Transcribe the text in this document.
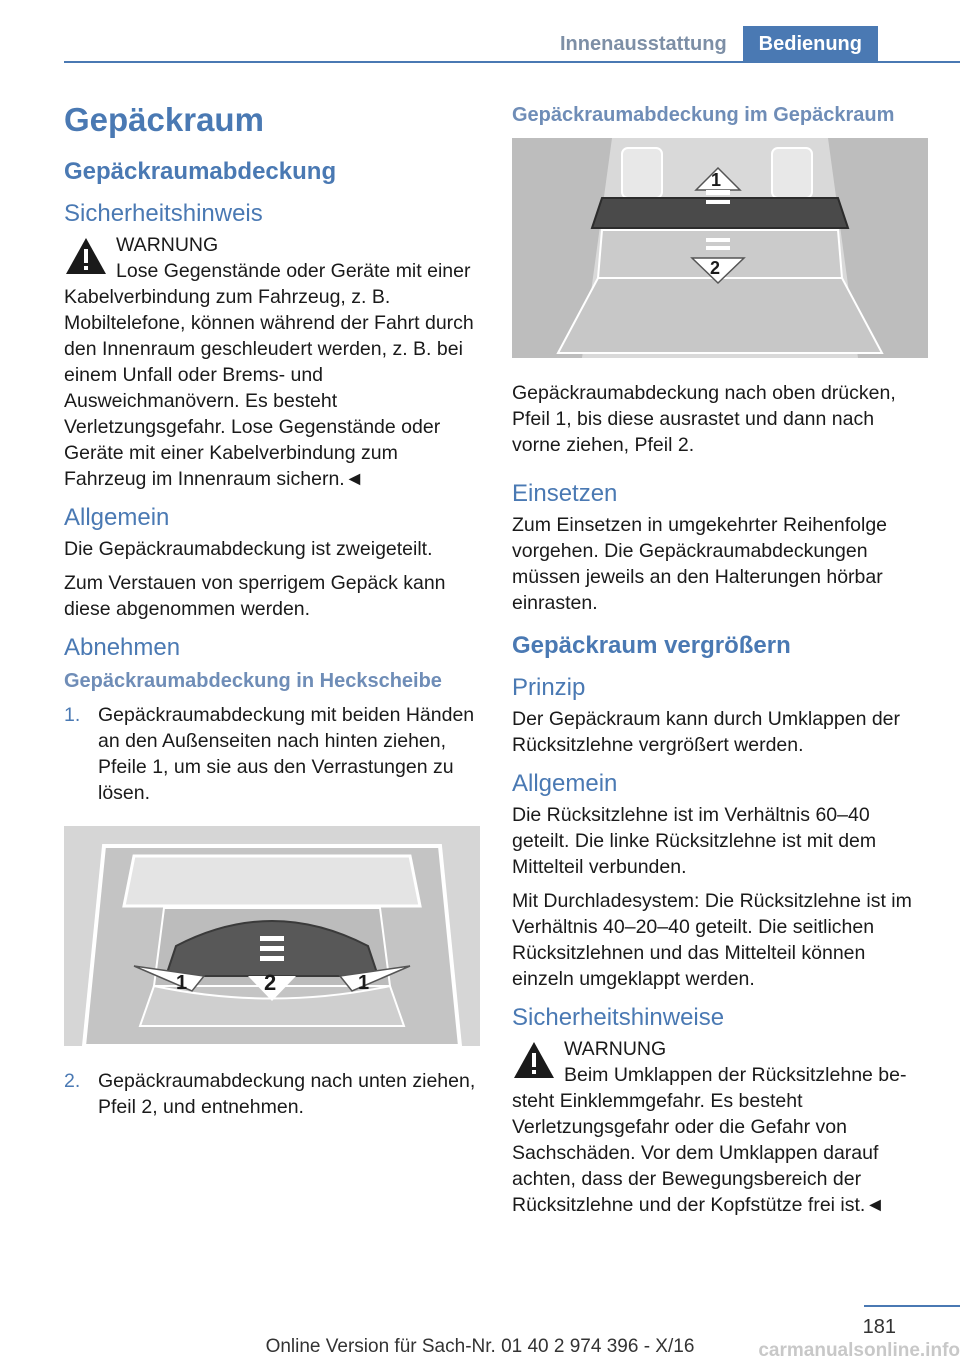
Innenausstattung	Bedienung
Gepäckraum
Gepäckraumabdeckung
Sicherheitshinweis
WARNUNG
Lose Gegenstände oder Geräte mit einer
Kabelverbindung zum Fahrzeug, z. B. Mobiltelefone, können während der Fahrt durch den Innenraum geschleudert werden, z. B. bei einem Unfall oder Brems- und Ausweichmanövern. Es besteht Verletzungsgefahr. Lose Gegenstände oder Geräte mit einer Kabelverbindung zum Fahrzeug im Innenraum sichern.◄
Allgemein

Die Gepäckraumabdeckung ist zweigeteilt.

Zum Verstauen von sperrigem Gepäck kann diese abgenommen werden.

Abnehmen
Gepäckraumabdeckung in Heckscheibe
1. Gepäckraumabdeckung mit beiden Händen an den Außenseiten nach hinten ziehen, Pfeile 1, um sie aus den Verrastungen zu lösen.
1	2	1
2. Gepäckraumabdeckung nach unten ziehen, Pfeil 2, und entnehmen.
Gepäckraumabdeckung im Gepäckraum
1
2

Gepäckraumabdeckung nach oben drücken, Pfeil 1, bis diese ausrastet und dann nach vorne ziehen, Pfeil 2.

Einsetzen

Zum Einsetzen in umgekehrter Reihenfolge vorgehen. Die Gepäckraumabdeckungen müssen jeweils an den Halterungen hörbar einrasten.

Gepäckraum vergrößern
Prinzip

Der Gepäckraum kann durch Umklappen der Rücksitzlehne vergrößert werden.

Allgemein

Die Rücksitzlehne ist im Verhältnis 60–40 geteilt. Die linke Rücksitzlehne ist mit dem Mittelteil verbunden.

Mit Durchladesystem: Die Rücksitzlehne ist im Verhältnis 40–20–40 geteilt. Die seitlichen Rücksitzlehnen und das Mittelteil können einzeln umgeklappt werden.

Sicherheitshinweise
WARNUNG
Beim Umklappen der Rücksitzlehne be-
steht Einklemmgefahr. Es besteht Verletzungsgefahr oder die Gefahr von Sachschäden. Vor dem Umklappen darauf achten, dass der Bewegungsbereich der Rücksitzlehne und der Kopfstütze frei ist.◄
181
Online Version für Sach-Nr. 01 40 2 974 396 - X/16	carmanualsonline.info
